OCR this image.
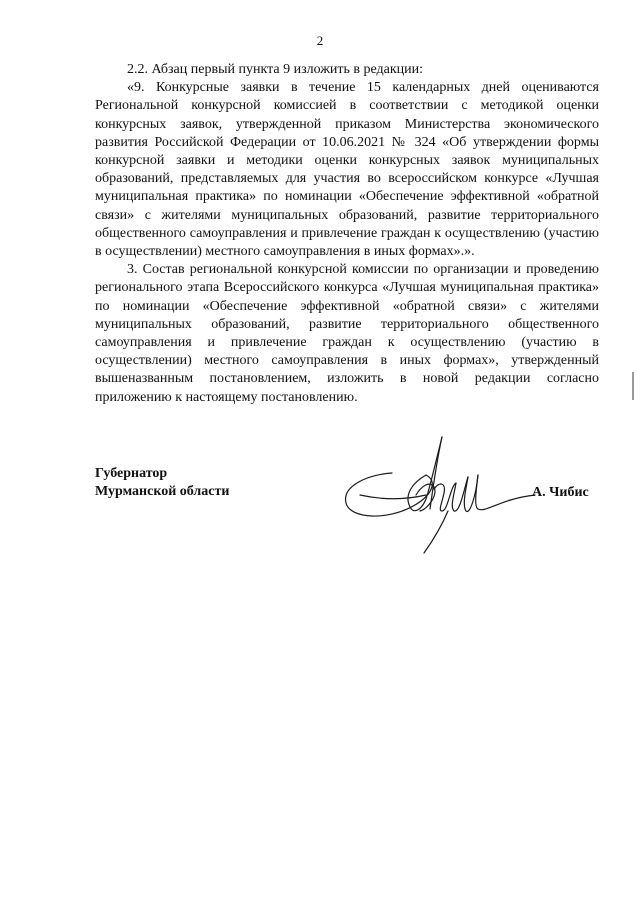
2

2.2. Абзац первый пункта 9 изложить в редакции:

«9. Конкурсные заявки в течение 15 календарных дней оцениваются Региональной конкурсной комиссией в соответствии с методикой оценки конкурсных заявок, утвержденной приказом Министерства экономического развития Российской Федерации от 10.06.2021 № 324 «Об утверждении формы конкурсной заявки и методики оценки конкурсных заявок муниципальных образований, представляемых для участия во всероссийском конкурсе «Лучшая муниципальная практика» по номинации «Обеспечение эффективной «обратной связи» с жителями муниципальных образований, развитие территориального общественного самоуправления и привлечение граждан к осуществлению (участию в осуществлении) местного самоуправления в иных формах».».

3. Состав региональной конкурсной комиссии по организации и проведению регионального этапа Всероссийского конкурса «Лучшая муниципальная практика» по номинации «Обеспечение эффективной «обратной связи» с жителями муниципальных образований, развитие территориального общественного самоуправления и привлечение граждан к осуществлению (участию в осуществлении) местного самоуправления в иных формах», утвержденный вышеназванным постановлением, изложить в новой редакции согласно приложению к настоящему постановлению.

Губернатор
Мурманской области	А. Чибис
